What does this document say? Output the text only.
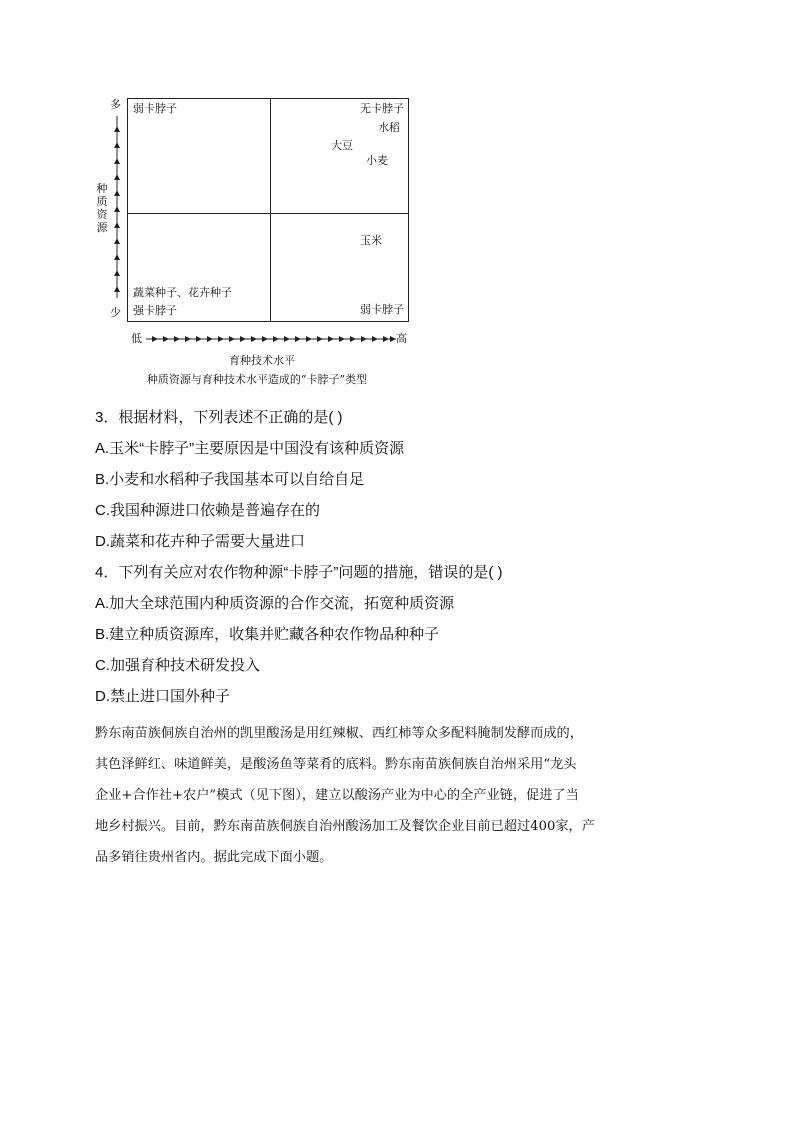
多
少
种质资源
弱卡脖子	无卡脖子
水稻
大豆
小麦
玉米
弱卡脖子
蔬菜种子、花卉种子
强卡脖子
低	高
育种技术水平
种质资源与育种技术水平造成的“卡脖子”类型
3．根据材料，下列表述不正确的是( )
A.玉米“卡脖子”主要原因是中国没有该种质资源
B.小麦和水稻种子我国基本可以自给自足
C.我国种源进口依赖是普遍存在的
D.蔬菜和花卉种子需要大量进口
4．下列有关应对农作物种源“卡脖子”问题的措施，错误的是( )
A.加大全球范围内种质资源的合作交流，拓宽种质资源
B.建立种质资源库，收集并贮藏各种农作物品种种子
C.加强育种技术研发投入
D.禁止进口国外种子
黔东南苗族侗族自治州的凯里酸汤是用红辣椒、西红柿等众多配料腌制发酵而成的，
其色泽鲜红、味道鲜美，是酸汤鱼等菜肴的底料。黔东南苗族侗族自治州采用“龙头
企业+合作社+农户”模式（见下图），建立以酸汤产业为中心的全产业链，促进了当
地乡村振兴。目前，黔东南苗族侗族自治州酸汤加工及餐饮企业目前已超过400家，产
品多销往贵州省内。据此完成下面小题。
